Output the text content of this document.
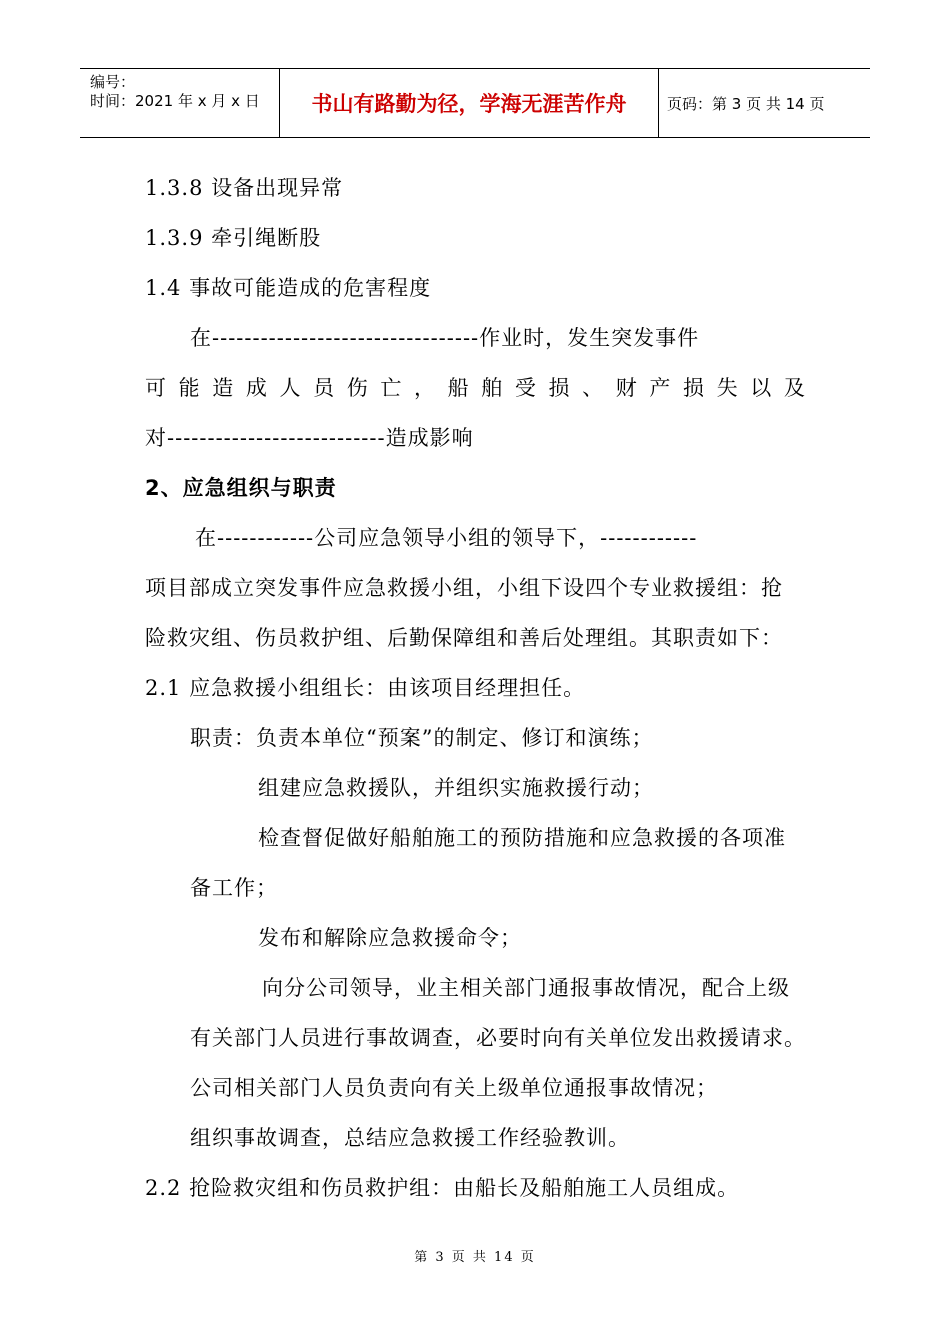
编号：
时间：2021 年 x 月 x 日	书山有路勤为径，学海无涯苦作舟	页码：第 3 页 共 14 页
1.3.8 设备出现异常
1.3.9 牵引绳断股
1.4 事故可能造成的危害程度
在---------------------------------作业时，发生突发事件
可 能 造 成 人 员 伤 亡 ， 船 舶 受 损 、 财 产 损 失 以 及
对---------------------------造成影响
2、应急组织与职责
在------------公司应急领导小组的领导下，------------
项目部成立突发事件应急救援小组，小组下设四个专业救援组：抢
险救灾组、伤员救护组、后勤保障组和善后处理组。其职责如下：
2.1 应急救援小组组长：由该项目经理担任。
职责：负责本单位“预案”的制定、修订和演练；
组建应急救援队，并组织实施救援行动；
检查督促做好船舶施工的预防措施和应急救援的各项准
备工作；
发布和解除应急救援命令；
向分公司领导，业主相关部门通报事故情况，配合上级
有关部门人员进行事故调查，必要时向有关单位发出救援请求。
公司相关部门人员负责向有关上级单位通报事故情况；
组织事故调查，总结应急救援工作经验教训。
2.2 抢险救灾组和伤员救护组：由船长及船舶施工人员组成。
第 3 页 共 14 页
